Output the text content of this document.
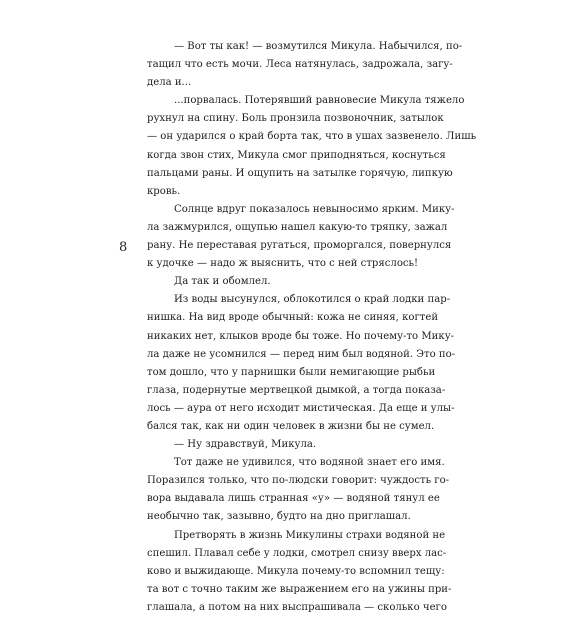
8
— Вот ты как! — возмутился Микула. Набычился, по-
тащил что есть мочи. Леса натянулась, задрожала, загу-
дела и...
...порвалась. Потерявший равновесие Микула тяжело
рухнул на спину. Боль пронзила позвоночник, затылок
— он ударился о край борта так, что в ушах зазвенело. Лишь
когда звон стих, Микула смог приподняться, коснуться
пальцами раны. И ощупить на затылке горячую, липкую
кровь.
Солнце вдруг показалось невыносимо ярким. Мику-
ла зажмурился, ощупью нашел какую-то тряпку, зажал
рану. Не переставая ругаться, проморгался, повернулся
к удочке — надо ж выяснить, что с ней стряслось!
Да так и обомлел.
Из воды высунулся, облокотился о край лодки пар-
нишка. На вид вроде обычный: кожа не синяя, когтей
никаких нет, клыков вроде бы тоже. Но почему-то Мику-
ла даже не усомнился — перед ним был водяной. Это по-
том дошло, что у парнишки были немигающие рыбьи
глаза, подернутые мертвецкой дымкой, а тогда показа-
лось — аура от него исходит мистическая. Да еще и улы-
бался так, как ни один человек в жизни бы не сумел.
— Ну здравствуй, Микула.
Тот даже не удивился, что водяной знает его имя.
Поразился только, что по-людски говорит: чуждость го-
вора выдавала лишь странная «у» — водяной тянул ее
необычно так, зазывно, будто на дно приглашал.
Претворять в жизнь Микулины страхи водяной не
спешил. Плавал себе у лодки, смотрел снизу вверх лас-
ково и выжидающе. Микула почему-то вспомнил тещу:
та вот с точно таким же выражением его на ужины при-
глашала, а потом на них выспрашивала — сколько чего
